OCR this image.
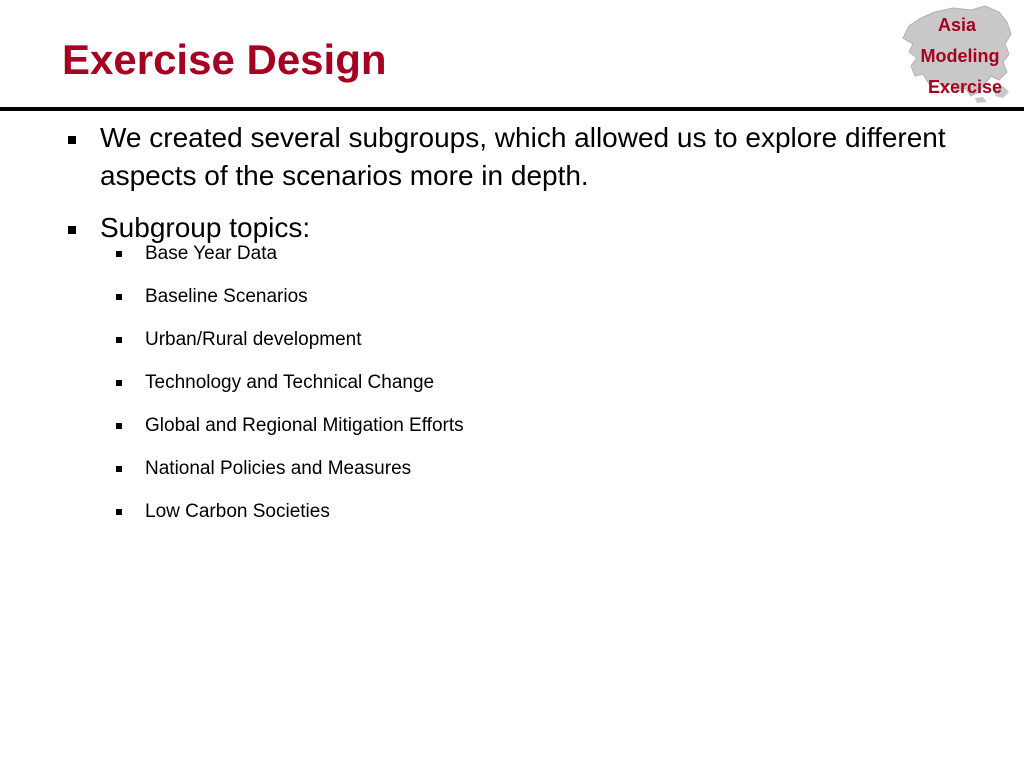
Exercise Design
Asia
Modeling
Exercise
We created several subgroups, which allowed us to explore different aspects of the scenarios more in depth.
Subgroup topics:
Base Year Data
Baseline Scenarios
Urban/Rural development
Technology and Technical Change
Global and Regional Mitigation Efforts
National Policies and Measures
Low Carbon Societies
